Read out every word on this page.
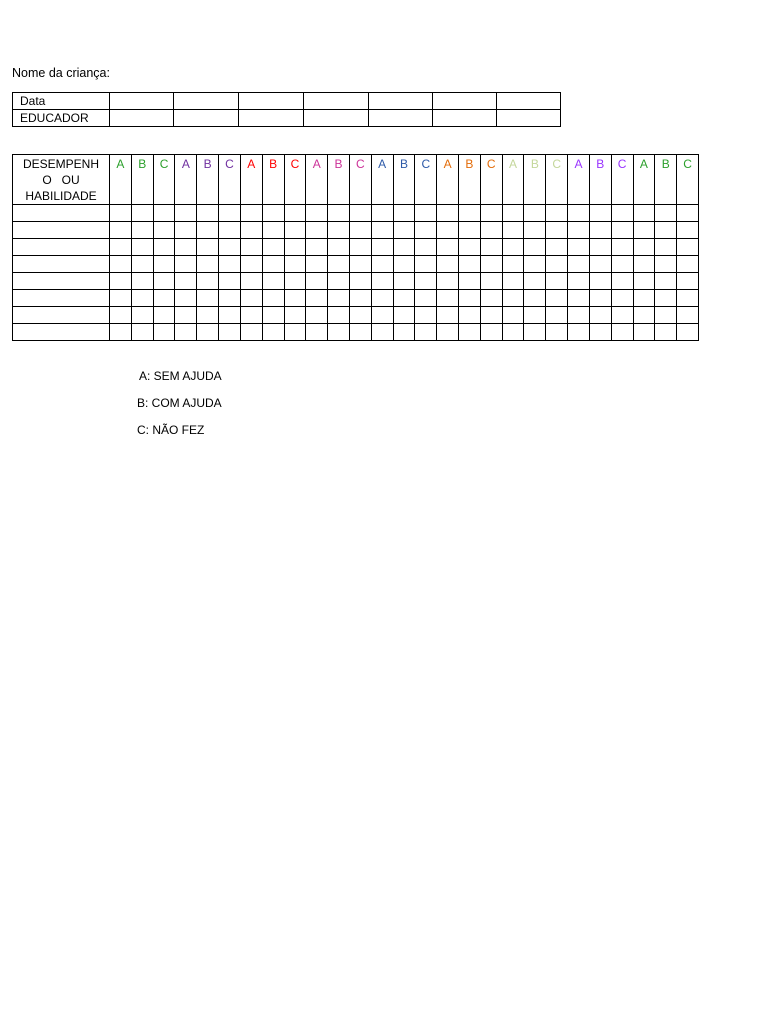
Nome da criança:
Data							
EDUCADOR							
DESEMPENH
O   OU
HABILIDADE	A	B	C	A	B	C	A	B	C	A	B	C	A	B	C	A	B	C	A	B	C	A	B	C	A	B	C

A: SEM AJUDA
B: COM AJUDA
C: NÃO FEZ
